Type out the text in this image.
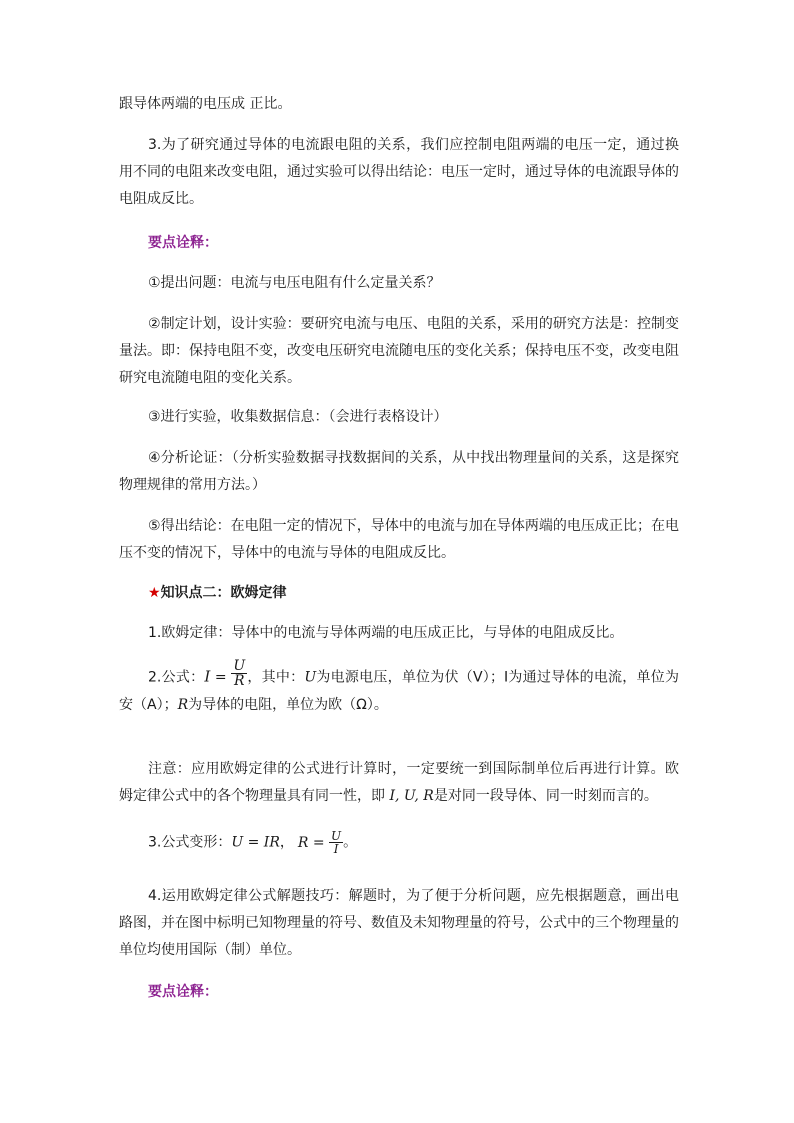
跟导体两端的电压成 正比。

3.为了研究通过导体的电流跟电阻的关系，我们应控制电阻两端的电压一定，通过换用不同的电阻来改变电阻，通过实验可以得出结论：电压一定时，通过导体的电流跟导体的电阻成反比。

要点诠释：

①提出问题：电流与电压电阻有什么定量关系？

②制定计划，设计实验：要研究电流与电压、电阻的关系，采用的研究方法是：控制变量法。即：保持电阻不变，改变电压研究电流随电压的变化关系；保持电压不变，改变电阻研究电流随电阻的变化关系。

③进行实验，收集数据信息：（会进行表格设计）

④分析论证：（分析实验数据寻找数据间的关系，从中找出物理量间的关系，这是探究物理规律的常用方法。）

⑤得出结论：在电阻一定的情况下，导体中的电流与加在导体两端的电压成正比；在电压不变的情况下，导体中的电流与导体的电阻成反比。

★知识点二：欧姆定律

1.欧姆定律：导体中的电流与导体两端的电压成正比，与导体的电阻成反比。

2.公式：$I = \frac{U}{R}$ ，其中：U为电源电压，单位为伏（V）；I为通过导体的电流，单位为安（A）；R为导体的电阻，单位为欧（Ω）。
注意：应用欧姆定律的公式进行计算时，一定要统一到国际制单位后再进行计算。欧姆定律公式中的各个物理量具有同一性，即 I, U, R是对同一段导体、同一时刻而言的。
3.公式变形：U = IR， $R = \frac{U}{I}$ 。

4.运用欧姆定律公式解题技巧：解题时，为了便于分析问题，应先根据题意，画出电路图，并在图中标明已知物理量的符号、数值及未知物理量的符号，公式中的三个物理量的单位均使用国际（制）单位。

要点诠释：
